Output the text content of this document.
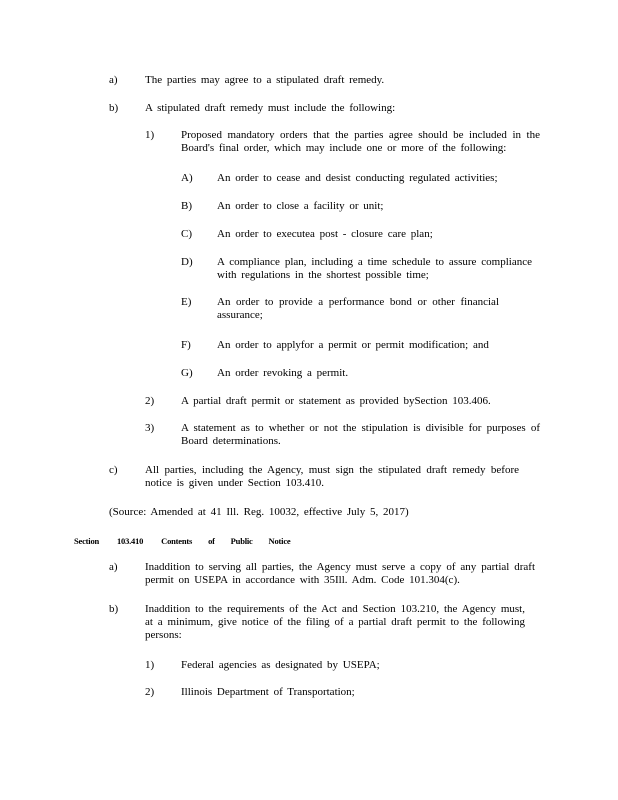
a)	The parties may agree to a stipulated draft remedy.
b)	A stipulated draft remedy must include the following:
1)	Proposed mandatory orders that the parties agree should be included in the Board's final order, which may include one or more of the following:
A)	An order to cease and desist conducting regulated activities;
B)	An order to close a facility or unit;
C)	An order to executea post - closure care plan;
D)	A compliance plan, including a time schedule to assure compliance with regulations in the shortest possible time;
E)	An order to provide a performance bond or other financial assurance;
F)	An order to applyfor a permit or permit modification; and
G)	An order revoking a permit.
2)	A partial draft permit or statement as provided bySection 103.406.
3)	A statement as to whether or not the stipulation is divisible for purposes of Board determinations.
c)	All parties, including the Agency, must sign the stipulated draft remedy before notice is given under Section 103.410.
(Source: Amended at 41 Ill. Reg. 10032, effective July 5, 2017)
Section 103.410 Contents of Public Notice
a)	Inaddition to serving all parties, the Agency must serve a copy of any partial draft permit on USEPA in accordance with 35Ill. Adm. Code 101.304(c).
b)	Inaddition to the requirements of the Act and Section 103.210, the Agency must, at a minimum, give notice of the filing of a partial draft permit to the following persons:
1)	Federal agencies as designated by USEPA;
2)	Illinois Department of Transportation;
